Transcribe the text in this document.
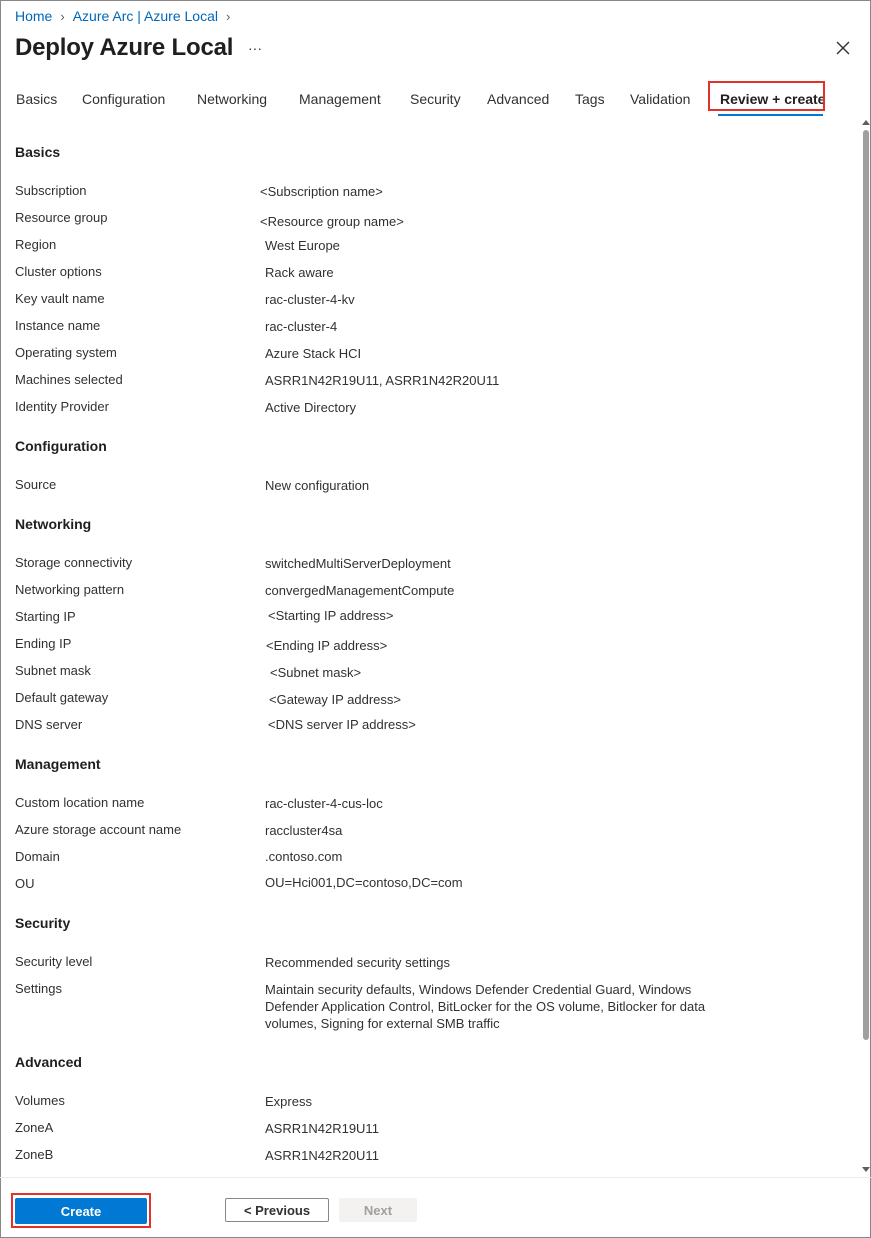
Home › Azure Arc | Azure Local ›
Deploy Azure Local ···
Basics Configuration Networking Management Security Advanced Tags Validation Review + create
Basics
Subscription	<Subscription name>
Resource group	<Resource group name>
Region	West Europe
Cluster options	Rack aware
Key vault name	rac-cluster-4-kv
Instance name	rac-cluster-4
Operating system	Azure Stack HCI
Machines selected	ASRR1N42R19U11, ASRR1N42R20U11
Identity Provider	Active Directory
Configuration
Source	New configuration
Networking
Storage connectivity	switchedMultiServerDeployment
Networking pattern	convergedManagementCompute
Starting IP	<Starting IP address>
Ending IP	<Ending IP address>
Subnet mask	<Subnet mask>
Default gateway	<Gateway IP address>
DNS server	<DNS server IP address>
Management
Custom location name	rac-cluster-4-cus-loc
Azure storage account name	raccluster4sa
Domain	.contoso.com
OU	OU=Hci001,DC=contoso,DC=com
Security
Security level	Recommended security settings
Settings	Maintain security defaults, Windows Defender Credential Guard, Windows Defender Application Control, BitLocker for the OS volume, Bitlocker for data volumes, Signing for external SMB traffic
Advanced
Volumes	Express
ZoneA	ASRR1N42R19U11
ZoneB	ASRR1N42R20U11
Create	< Previous	Next
